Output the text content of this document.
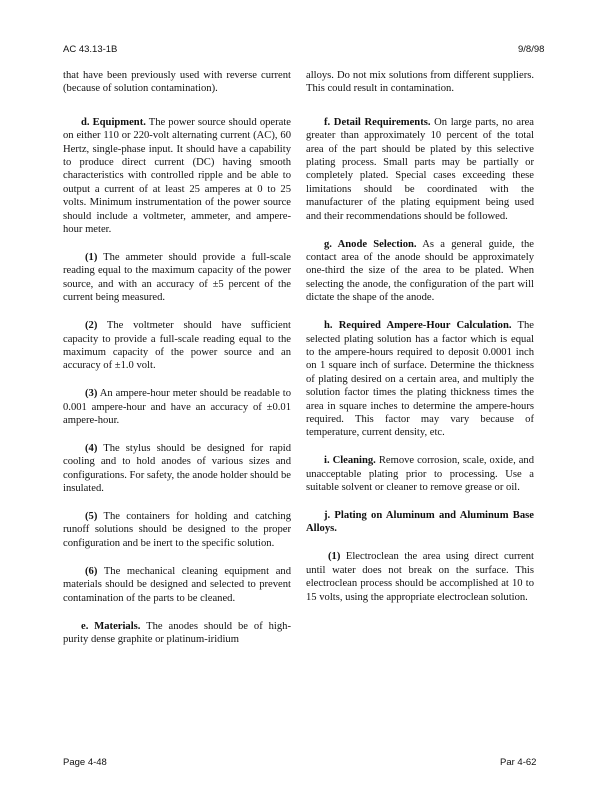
AC 43.13-1B	9/8/98

that have been previously used with reverse current (because of solution contamination).

d. Equipment. The power source should operate on either 110 or 220-volt alternating current (AC), 60 Hertz, single-phase input. It should have a capability to produce direct current (DC) having smooth characteristics with controlled ripple and be able to output a current of at least 25 amperes at 0 to 25 volts. Minimum instrumentation of the power source should include a voltmeter, ammeter, and ampere-hour meter.

(1) The ammeter should provide a full-scale reading equal to the maximum capacity of the power source, and with an accuracy of ±5 percent of the current being measured.

(2) The voltmeter should have sufficient capacity to provide a full-scale reading equal to the maximum capacity of the power source and an accuracy of ±1.0 volt.

(3) An ampere-hour meter should be readable to 0.001 ampere-hour and have an accuracy of ±0.01 ampere-hour.

(4) The stylus should be designed for rapid cooling and to hold anodes of various sizes and configurations. For safety, the anode holder should be insulated.

(5) The containers for holding and catching runoff solutions should be designed to the proper configuration and be inert to the specific solution.

(6) The mechanical cleaning equipment and materials should be designed and selected to prevent contamination of the parts to be cleaned.

e. Materials. The anodes should be of high-purity dense graphite or platinum-iridium

alloys. Do not mix solutions from different suppliers. This could result in contamination.

f. Detail Requirements. On large parts, no area greater than approximately 10 percent of the total area of the part should be plated by this selective plating process. Small parts may be partially or completely plated. Special cases exceeding these limitations should be coordinated with the manufacturer of the plating equipment being used and their recommendations should be followed.

g. Anode Selection. As a general guide, the contact area of the anode should be approximately one-third the size of the area to be plated. When selecting the anode, the configuration of the part will dictate the shape of the anode.

h. Required Ampere-Hour Calculation. The selected plating solution has a factor which is equal to the ampere-hours required to deposit 0.0001 inch on 1 square inch of surface. Determine the thickness of plating desired on a certain area, and multiply the solution factor times the plating thickness times the area in square inches to determine the ampere-hours required. This factor may vary because of temperature, current density, etc.

i. Cleaning. Remove corrosion, scale, oxide, and unacceptable plating prior to processing. Use a suitable solvent or cleaner to remove grease or oil.

j. Plating on Aluminum and Aluminum Base Alloys.

(1) Electroclean the area using direct current until water does not break on the surface. This electroclean process should be accomplished at 10 to 15 volts, using the appropriate electroclean solution.

Page 4-48	Par 4-62
